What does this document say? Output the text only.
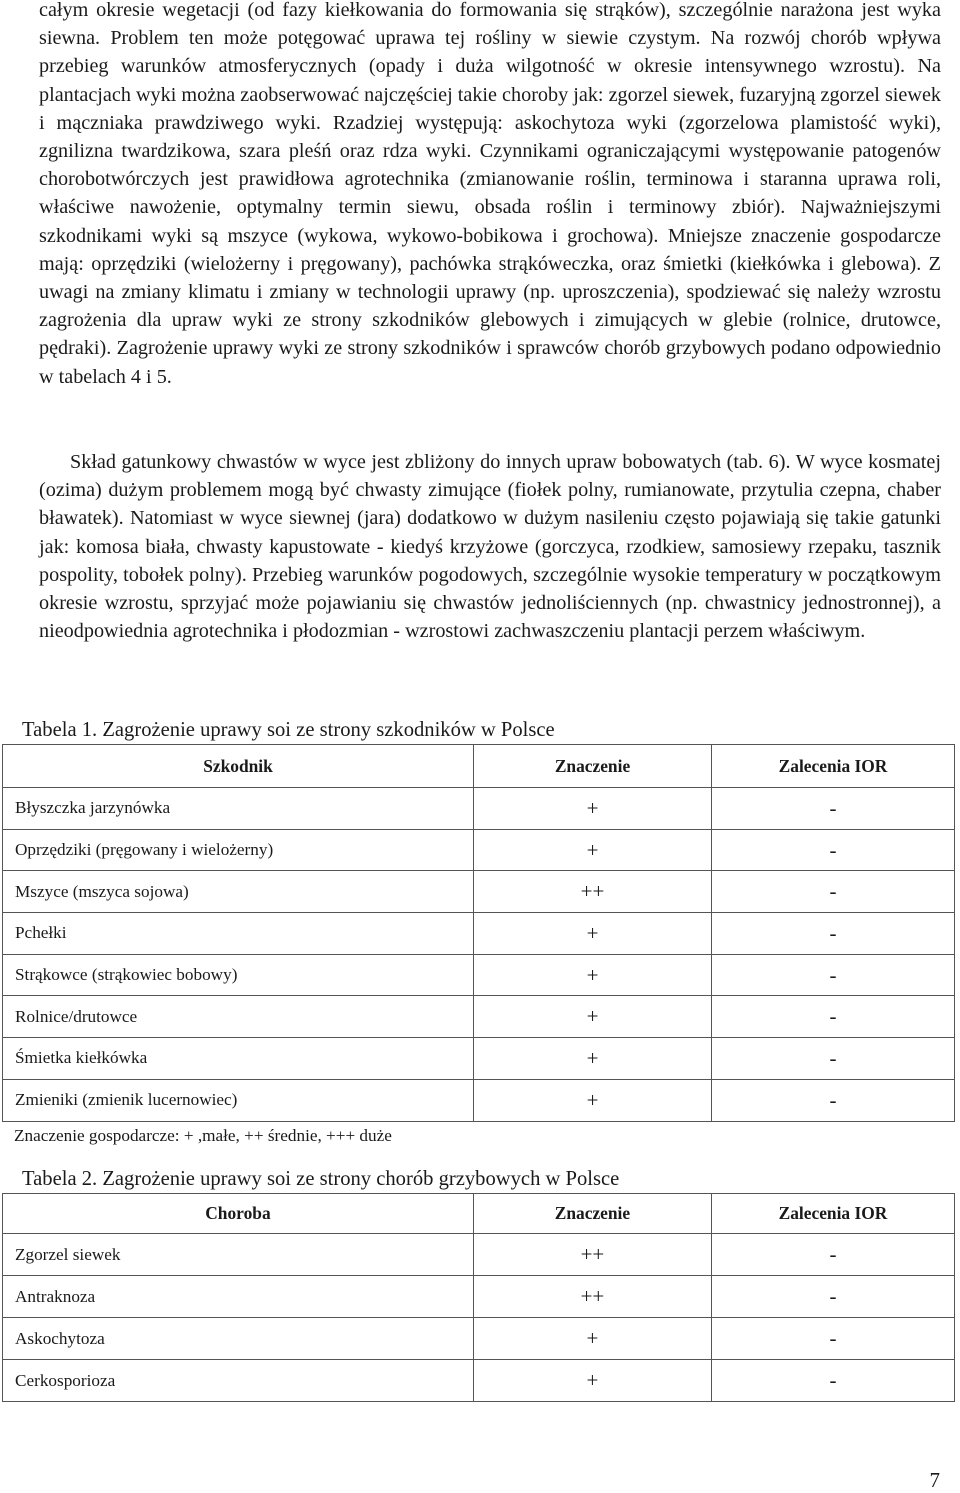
całym okresie wegetacji (od fazy kiełkowania do formowania się strąków), szczególnie narażona jest wyka siewna. Problem ten może potęgować uprawa tej rośliny w siewie czystym. Na rozwój chorób wpływa przebieg warunków atmosferycznych (opady i duża wilgotność w okresie intensywnego wzrostu). Na plantacjach wyki można zaobserwować najczęściej takie choroby jak: zgorzel siewek, fuzaryjną zgorzel siewek i mączniaka prawdziwego wyki. Rzadziej występują: askochytoza wyki (zgorzelowa plamistość wyki), zgnilizna twardzikowa, szara pleśń oraz rdza wyki. Czynnikami ograniczającymi występowanie patogenów chorobotwórczych jest prawidłowa agrotechnika (zmianowanie roślin, terminowa i staranna uprawa roli, właściwe nawożenie, optymalny termin siewu, obsada roślin i terminowy zbiór). Najważniejszymi szkodnikami wyki są mszyce (wykowa, wykowo-bobikowa i grochowa). Mniejsze znaczenie gospodarcze mają: oprzędziki (wielożerny i pręgowany), pachówka strąkóweczka, oraz śmietki (kiełkówka i glebowa). Z uwagi na zmiany klimatu i zmiany w technologii uprawy (np. uproszczenia), spodziewać się należy wzrostu zagrożenia dla upraw wyki ze strony szkodników glebowych i zimujących w glebie (rolnice, drutowce, pędraki). Zagrożenie uprawy wyki ze strony szkodników i sprawców chorób grzybowych podano odpowiednio w tabelach 4 i 5.

Skład gatunkowy chwastów w wyce jest zbliżony do innych upraw bobowatych (tab. 6). W wyce kosmatej (ozima) dużym problemem mogą być chwasty zimujące (fiołek polny, rumianowate, przytulia czepna, chaber bławatek). Natomiast w wyce siewnej (jara) dodatkowo w dużym nasileniu często pojawiają się takie gatunki jak: komosa biała, chwasty kapustowate - kiedyś krzyżowe (gorczyca, rzodkiew, samosiewy rzepaku, tasznik pospolity, tobołek polny). Przebieg warunków pogodowych, szczególnie wysokie temperatury w początkowym okresie wzrostu, sprzyjać może pojawianiu się chwastów jednoliściennych (np. chwastnicy jednostronnej), a nieodpowiednia agrotechnika i płodozmian - wzrostowi zachwaszczeniu plantacji perzem właściwym.

Tabela 1. Zagrożenie uprawy soi ze strony szkodników w Polsce

Szkodnik	Znaczenie	Zalecenia IOR
Błyszczka jarzynówka	+	-
Oprzędziki (pręgowany i wielożerny)	+	-
Mszyce (mszyca sojowa)	++	-
Pchełki	+	-
Strąkowce (strąkowiec bobowy)	+	-
Rolnice/drutowce	+	-
Śmietka kiełkówka	+	-
Zmieniki (zmienik lucernowiec)	+	-

Znaczenie gospodarcze: + ,małe, ++ średnie, +++ duże

Tabela 2. Zagrożenie uprawy soi ze strony chorób grzybowych w Polsce

Choroba	Znaczenie	Zalecenia IOR
Zgorzel siewek	++	-
Antraknoza	++	-
Askochytoza	+	-
Cerkosporioza	+	-
7
